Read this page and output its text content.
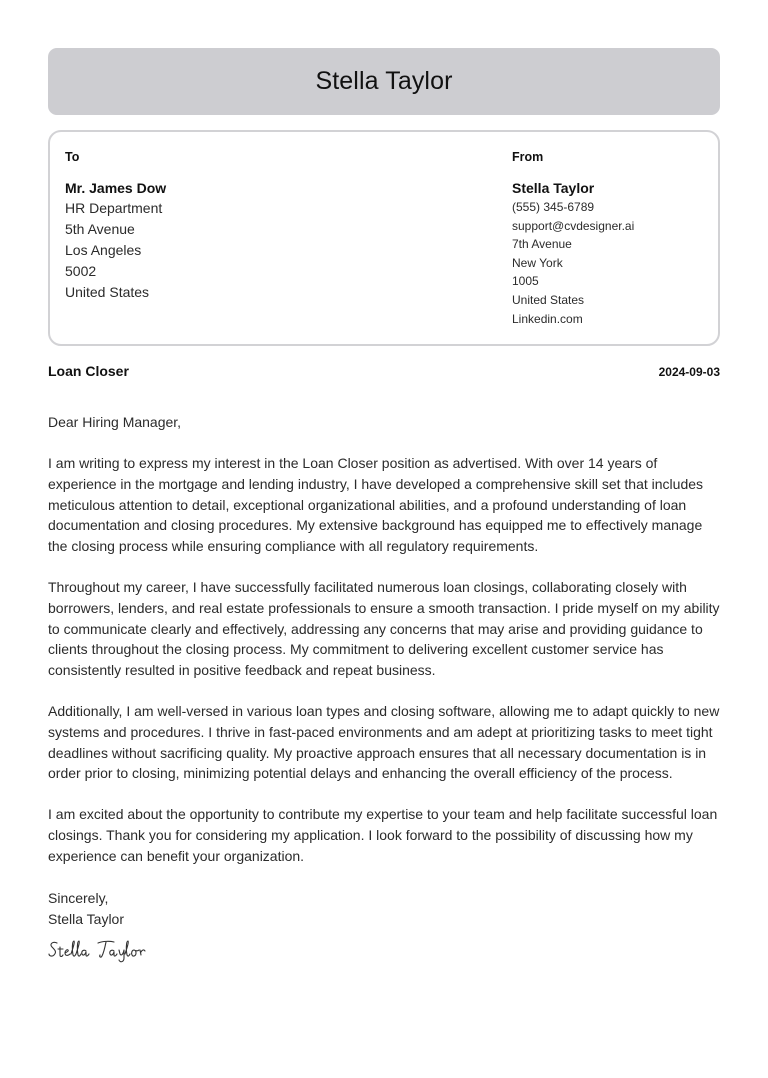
Stella Taylor
To
Mr. James Dow
HR Department
5th Avenue
Los Angeles
5002
United States
From
Stella Taylor
(555) 345-6789
support@cvdesigner.ai
7th Avenue
New York
1005
United States
Linkedin.com
Loan Closer	2024-09-03
Dear Hiring Manager,
I am writing to express my interest in the Loan Closer position as advertised. With over 14 years of experience in the mortgage and lending industry, I have developed a comprehensive skill set that includes meticulous attention to detail, exceptional organizational abilities, and a profound understanding of loan documentation and closing procedures. My extensive background has equipped me to effectively manage the closing process while ensuring compliance with all regulatory requirements.
Throughout my career, I have successfully facilitated numerous loan closings, collaborating closely with borrowers, lenders, and real estate professionals to ensure a smooth transaction. I pride myself on my ability to communicate clearly and effectively, addressing any concerns that may arise and providing guidance to clients throughout the closing process. My commitment to delivering excellent customer service has consistently resulted in positive feedback and repeat business.
Additionally, I am well-versed in various loan types and closing software, allowing me to adapt quickly to new systems and procedures. I thrive in fast-paced environments and am adept at prioritizing tasks to meet tight deadlines without sacrificing quality. My proactive approach ensures that all necessary documentation is in order prior to closing, minimizing potential delays and enhancing the overall efficiency of the process.
I am excited about the opportunity to contribute my expertise to your team and help facilitate successful loan closings. Thank you for considering my application. I look forward to the possibility of discussing how my experience can benefit your organization.
Sincerely,
Stella Taylor
